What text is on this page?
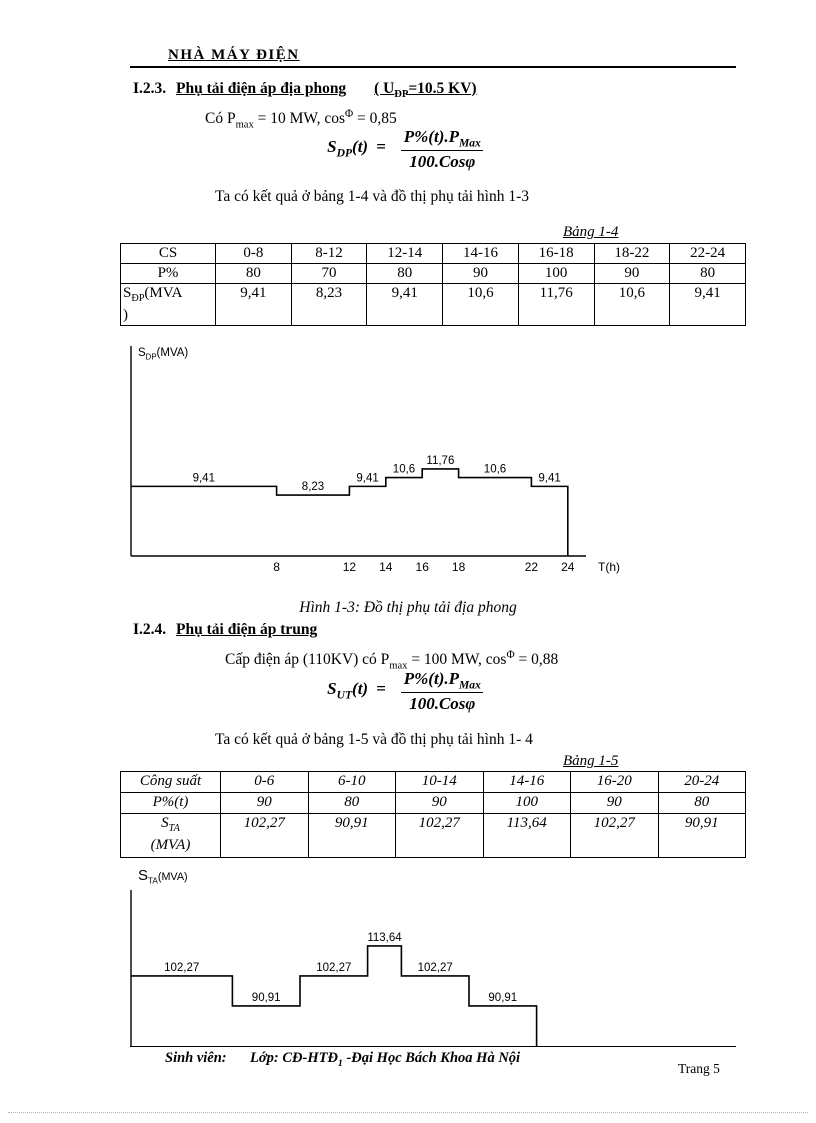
NHÀ MÁY ĐIỆN
I.2.3. Phụ tải điện áp địa phong ( $U_{ĐP}=10.5$ KV)
Có $P_{max} = 10$ MW, $\cos^\Phi = 0,85$
$S_{DP}(t) = \frac{P\%(t).P_{Max}}{\text{100.Cosφ}}$
Ta có kết quả ở bảng 1-4 và đồ thị phụ tải hình 1-3
Bảng 1-4
CS	0-8	8-12	12-14	14-16	16-18	18-22	22-24
P%	80	70	80	90	100	90	80
$S_{ĐP}(MVA$
)	9,41	8,23	9,41	10,6	11,76	10,6	9,41
$S_{DP}(MVA)$
9,41
8,23
9,41
10,6
11,76
10,6
9,41
8	12 14 16 18	22 24 T(h)
Hình 1-3: Đồ thị phụ tải địa phong
I.2.4. Phụ tải điện áp trung
Cấp điện áp (110KV) có $P_{max} = 100$ MW, $\cos^\Phi = 0,88$
$S_{UT}(t) = \frac{P\%(t).P_{Max}}{\text{100.Cosφ}}$
Ta có kết quả ở bảng 1-5 và đồ thị phụ tải hình 1- 4
Bảng 1-5
Công suất	0-6	6-10	10-14	14-16	16-20	20-24
P%(t)	90	80	90	100	90	80
$S_{TA}$
(MVA)	102,27	90,91	102,27	113,64	102,27	90,91
$S_{TA}(MVA)$
102,27
90,91
102,27
113,64
102,27
90,91
Sinh viên: Lớp: $CĐ-HTĐ_1$ -Đại Học Bách Khoa Hà Nội
Trang 5
